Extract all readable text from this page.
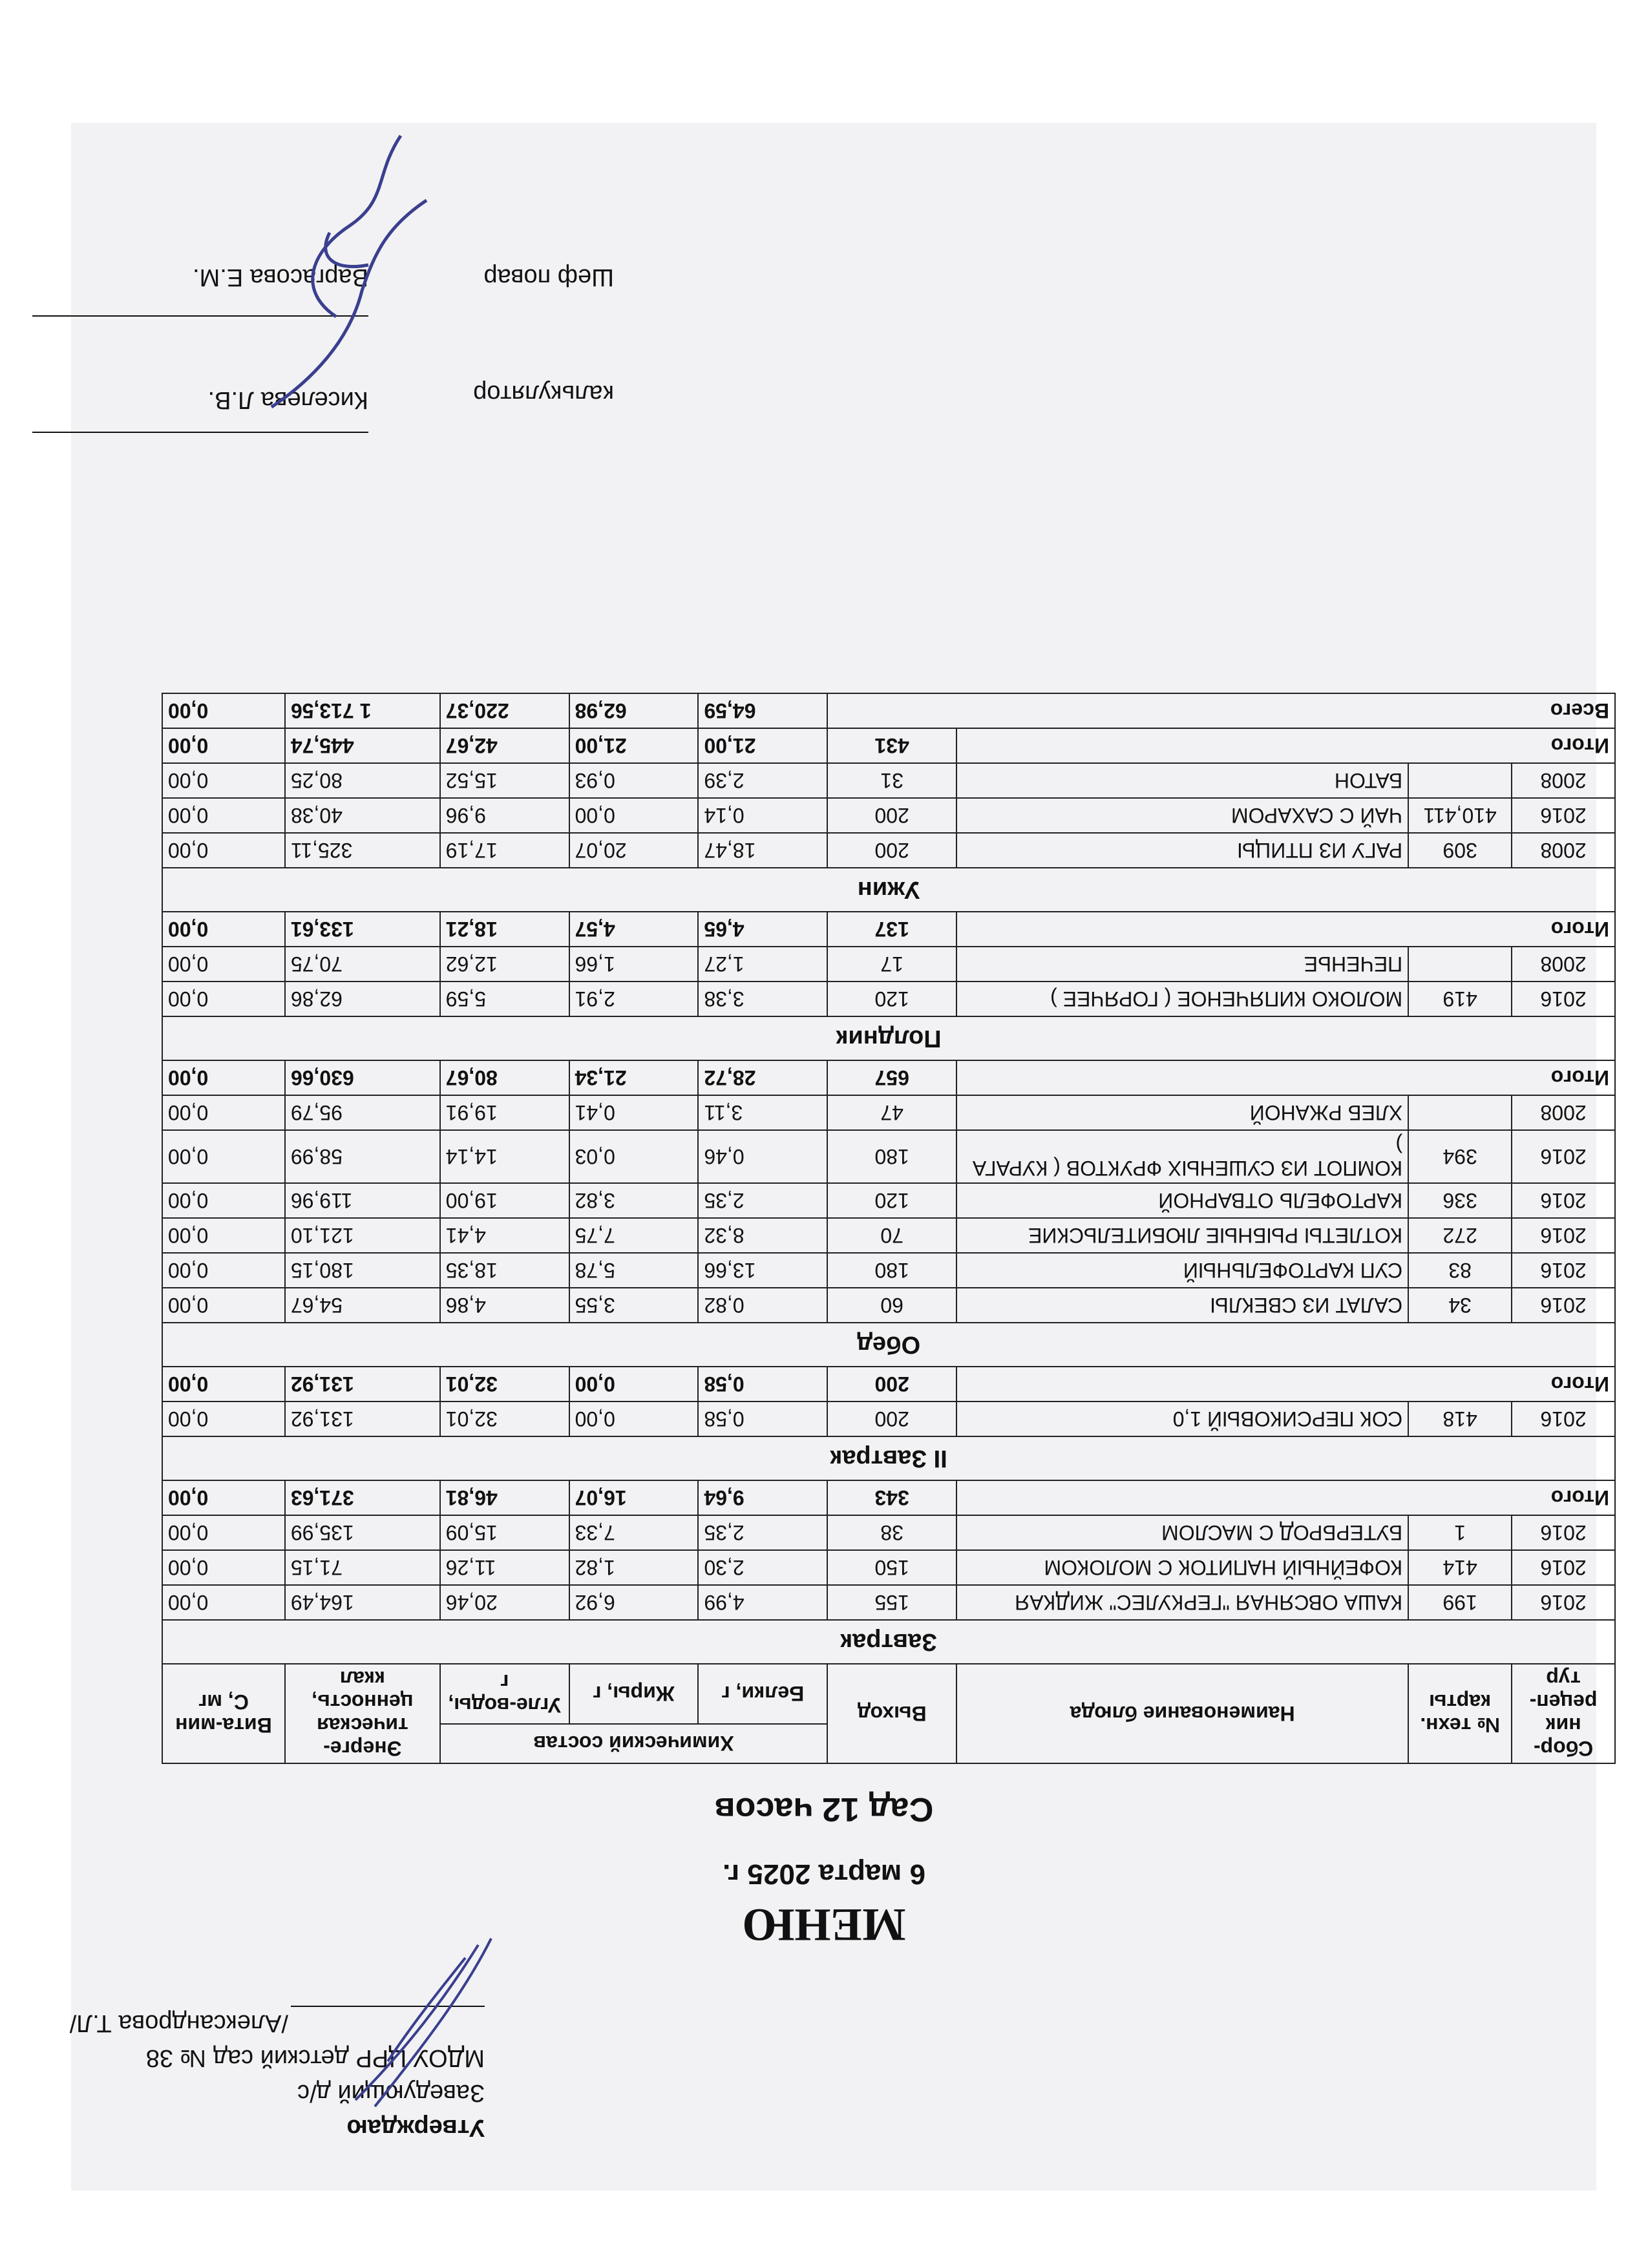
Утверждаю
Заведующий д/с
МДОУ ЦРР детский сад № 38
/Александрова Т.Л/
МЕНЮ
6 марта 2025 г.
Сад 12 часов
Сбор-ник рецеп-тур	№ техн. карты	Наименование блюда	Выход	Химический состав			Энерге-тическая ценность, ккал	Вита-мин С, мг
				Белки, г	Жиры, г	Угле-воды, г		
Завтрак								
2016	199	КАША ОВСЯНАЯ "ГЕРКУЛЕС" ЖИДКАЯ	155	4,99	6,92	20,46	164,49	0,00
2016	414	КОФЕЙНЫЙ НАПИТОК С МОЛОКОМ	150	2,30	1,82	11,26	71,15	0,00
2016	1	БУТЕРБРОД С МАСЛОМ	38	2,35	7,33	15,09	135,99	0,00
Итого			343	9,64	16,07	46,81	371,63	0,00
II Завтрак								
2016	418	СОК ПЕРСИКОВЫЙ 1,0	200	0,58	0,00	32,01	131,92	0,00
Итого			200	0,58	0,00	32,01	131,92	0,00
Обед								
2016	34	САЛАТ ИЗ СВЕКЛЫ	60	0,82	3,55	4,86	54,67	0,00
2016	83	СУП КАРТОФЕЛЬНЫЙ	180	13,66	5,78	18,35	180,15	0,00
2016	272	КОТЛЕТЫ РЫБНЫЕ ЛЮБИТЕЛЬСКИЕ	70	8,32	7,75	4,41	121,10	0,00
2016	336	КАРТОФЕЛЬ ОТВАРНОЙ	120	2,35	3,82	19,00	119,96	0,00
2016	394	КОМПОТ ИЗ СУШЕНЫХ ФРУКТОВ ( КУРАГА )	180	0,46	0,03	14,14	58,99	0,00
2008		ХЛЕБ РЖАНОЙ	47	3,11	0,41	19,91	95,79	0,00
Итого			657	28,72	21,34	80,67	630,66	0,00
Полдник								
2016	419	МОЛОКО КИПЯЧЕНОЕ ( ГОРЯЧЕЕ )	120	3,38	2,91	5,59	62,86	0,00
2008		ПЕЧЕНЬЕ	17	1,27	1,66	12,62	70,75	0,00
Итого			137	4,65	4,57	18,21	133,61	0,00
Ужин								
2008	309	РАГУ ИЗ ПТИЦЫ	200	18,47	20,07	17,19	325,11	0,00
2016	410,411	ЧАЙ С САХАРОМ	200	0,14	0,00	9,96	40,38	0,00
2008		БАТОН	31	2,39	0,93	15,52	80,25	0,00
Итого			431	21,00	21,00	42,67	445,74	0,00
Всего				64,59	62,98	220,37	1 713,56	0,00
калькулятор
Киселева Л.В.
Шеф повар
Варгасова Е.М.
